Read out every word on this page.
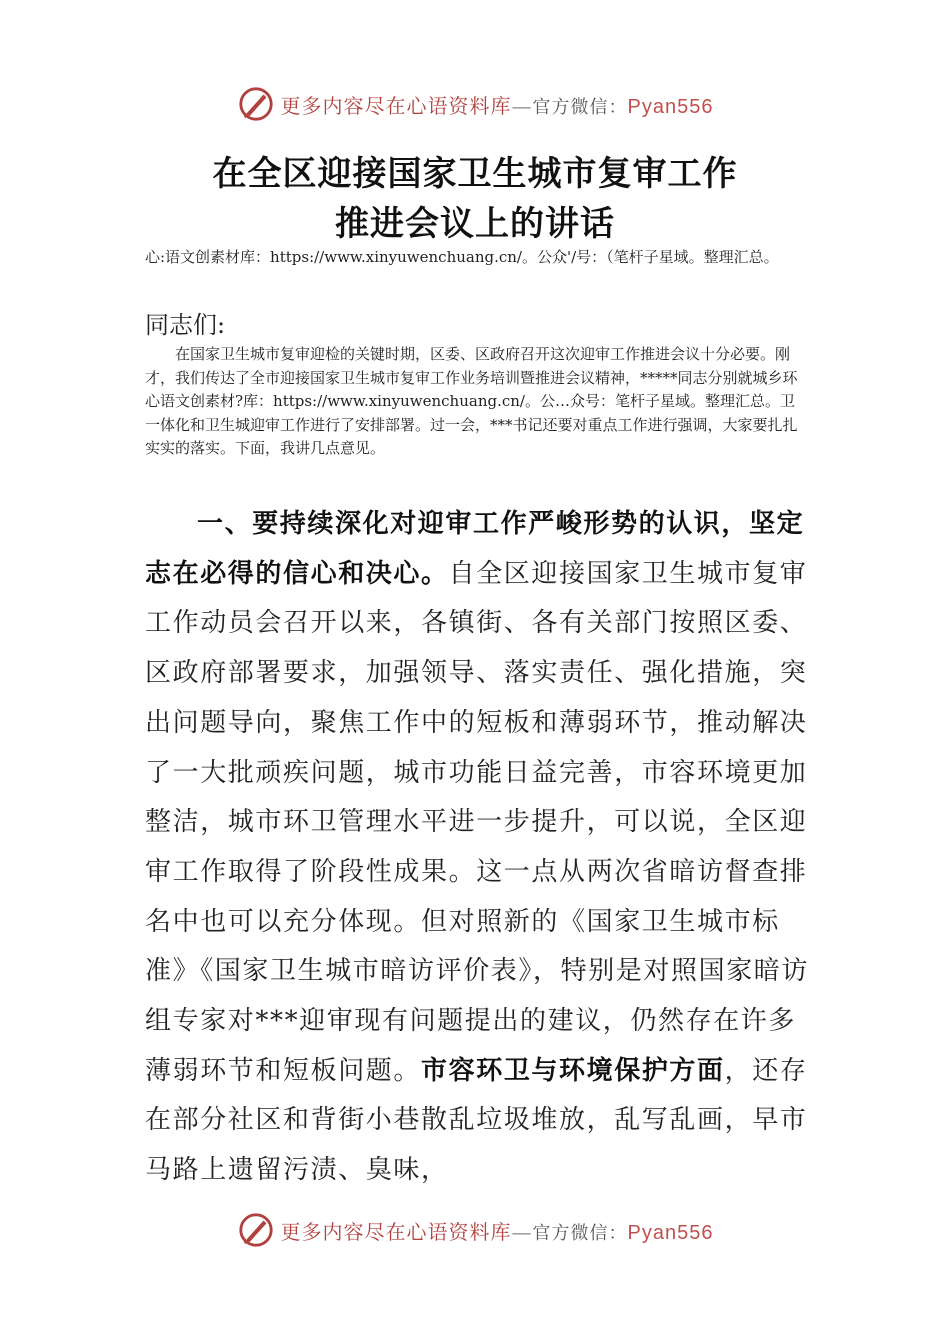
更多内容尽在心语资料库—官方微信：Pyan556
在全区迎接国家卫生城市复审工作
推进会议上的讲话

心:语文创素材库：https://www.xinyuwenchuang.cn/。公众'/号：（笔杆子星域。整理汇总。

同志们:

在国家卫生城市复审迎检的关键时期，区委、区政府召开这次迎审工作推进会议十分必要。刚才，我们传达了全市迎接国家卫生城市复审工作业务培训暨推进会议精神，*****同志分别就城乡环心语文创素材?库：https://www.xinyuwenchuang.cn/。公…众号：笔杆子星域。整理汇总。卫一体化和卫生城迎审工作进行了安排部署。过一会，***书记还要对重点工作进行强调，大家要扎扎实实的落实。下面，我讲几点意见。

一、要持续深化对迎审工作严峻形势的认识，坚定志在必得的信心和决心。自全区迎接国家卫生城市复审工作动员会召开以来，各镇街、各有关部门按照区委、区政府部署要求，加强领导、落实责任、强化措施，突出问题导向，聚焦工作中的短板和薄弱环节，推动解决了一大批顽疾问题，城市功能日益完善，市容环境更加整洁，城市环卫管理水平进一步提升，可以说，全区迎审工作取得了阶段性成果。这一点从两次省暗访督查排名中也可以充分体现。但对照新的《国家卫生城市标准》《国家卫生城市暗访评价表》，特别是对照国家暗访组专家对***迎审现有问题提出的建议，仍然存在许多薄弱环节和短板问题。市容环卫与环境保护方面，还存在部分社区和背街小巷散乱垃圾堆放，乱写乱画，早市马路上遗留污渍、臭味，

更多内容尽在心语资料库—官方微信：Pyan556
